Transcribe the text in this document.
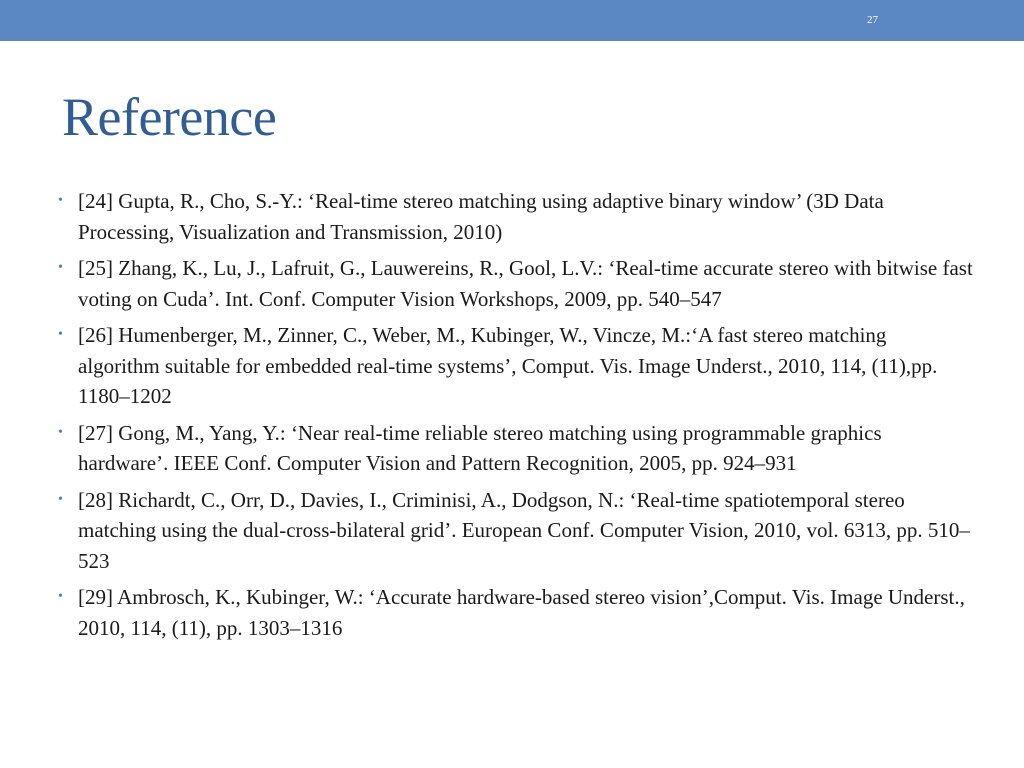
27
Reference
• [24] Gupta, R., Cho, S.-Y.: ‘Real-time stereo matching using adaptive binary window’ (3D Data Processing, Visualization and Transmission, 2010)
• [25] Zhang, K., Lu, J., Lafruit, G., Lauwereins, R., Gool, L.V.: ‘Real-time accurate stereo with bitwise fast voting on Cuda’. Int. Conf. Computer Vision Workshops, 2009, pp. 540–547
• [26] Humenberger, M., Zinner, C., Weber, M., Kubinger, W., Vincze, M.:‘A fast stereo matching algorithm suitable for embedded real-time systems’, Comput. Vis. Image Underst., 2010, 114, (11),pp. 1180–1202
• [27] Gong, M., Yang, Y.: ‘Near real-time reliable stereo matching using programmable graphics hardware’. IEEE Conf. Computer Vision and Pattern Recognition, 2005, pp. 924–931
• [28] Richardt, C., Orr, D., Davies, I., Criminisi, A., Dodgson, N.: ‘Real-time spatiotemporal stereo matching using the dual-cross-bilateral grid’. European Conf. Computer Vision, 2010, vol. 6313, pp. 510–523
• [29] Ambrosch, K., Kubinger, W.: ‘Accurate hardware-based stereo vision’,Comput. Vis. Image Underst., 2010, 114, (11), pp. 1303–1316
